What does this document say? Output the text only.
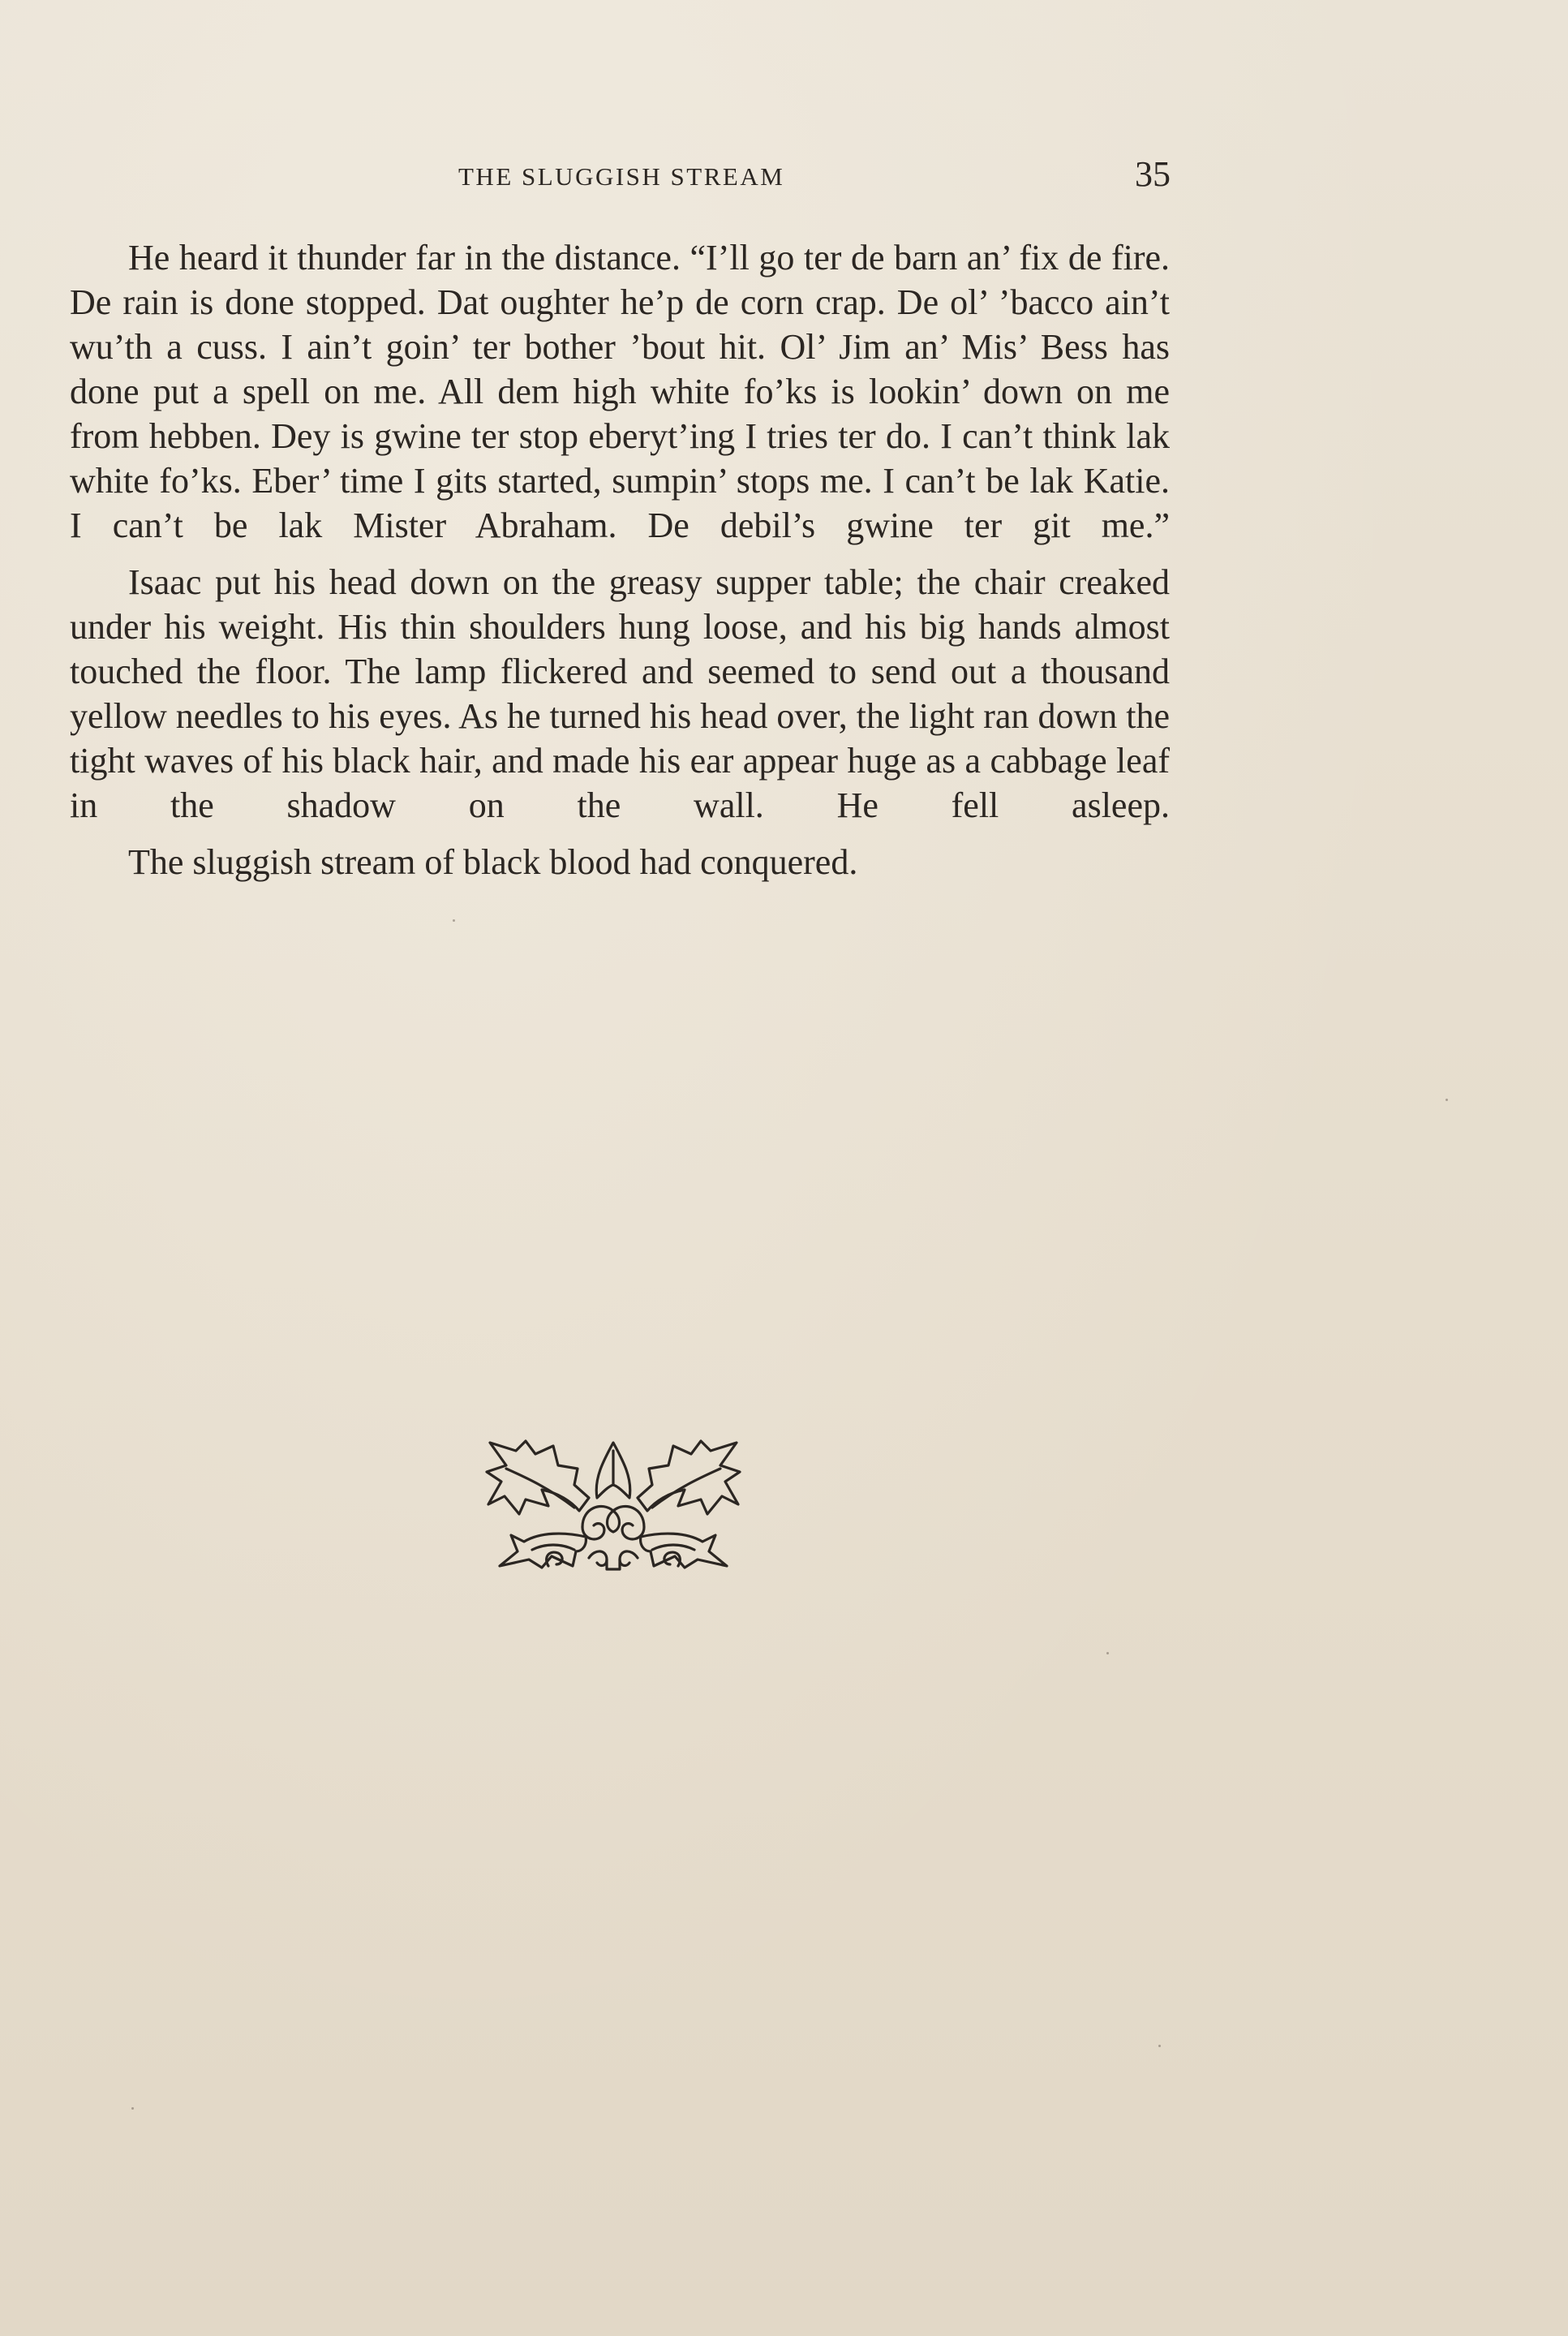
THE SLUGGISH STREAM	35

He heard it thunder far in the distance. “I’ll go ter de barn an’ fix de fire. De rain is done stopped. Dat oughter he’p de corn crap. De ol’ ’bacco ain’t wu’th a cuss. I ain’t goin’ ter bother ’bout hit. Ol’ Jim an’ Mis’ Bess has done put a spell on me. All dem high white fo’ks is lookin’ down on me from hebben. Dey is gwine ter stop eberyt’ing I tries ter do. I can’t think lak white fo’ks. Eber’ time I gits started, sumpin’ stops me. I can’t be lak Katie. I can’t be lak Mister Abraham. De debil’s gwine ter git me.”

Isaac put his head down on the greasy supper table; the chair creaked under his weight. His thin shoulders hung loose, and his big hands almost touched the floor. The lamp flickered and seemed to send out a thousand yellow needles to his eyes. As he turned his head over, the light ran down the tight waves of his black hair, and made his ear appear huge as a cabbage leaf in the shadow on the wall. He fell asleep.

The sluggish stream of black blood had conquered.
